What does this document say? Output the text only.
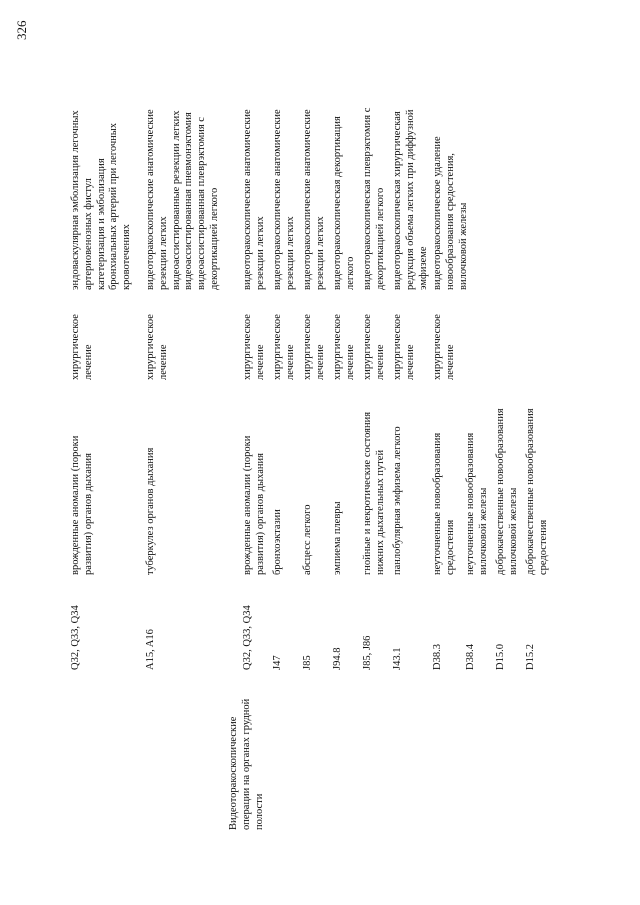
326
Видеоторакоскопические операции на органах грудной полости
Q32, Q33, Q34
врожденные аномалии (пороки развития) органов дыхания
хирургическое лечение
эндоваскулярная эмболизация легочных артериовенозных фистул катетеризация и эмболизация бронхиальных артерий при легочных кровотечениях
A15, A16
туберкулез органов дыхания
хирургическое лечение
видеоторакоскопические анатомические резекции легких видеоассистированные резекции легких видеоассистированная пневмонэктомия видеоассистированная плеврэктомия с декортикацией легкого
Q32, Q33, Q34
врожденные аномалии (пороки развития) органов дыхания
хирургическое лечение
видеоторакоскопические анатомические резекции легких
J47
бронхоэктазии
хирургическое лечение
видеоторакоскопические анатомические резекции легких
J85
абсцесс легкого
хирургическое лечение
видеоторакоскопические анатомические резекции легких
J94.8
эмпиема плевры
хирургическое лечение
видеоторакоскопическая декортикация легкого
J85, J86
гнойные и некротические состояния нижних дыхательных путей
хирургическое лечение
видеоторакоскопическая плеврэктомия с декортикацией легкого
J43.1
панлобулярная эмфизема легкого
хирургическое лечение
видеоторакоскопическая хирургическая редукция объема легких при диффузной эмфиземе
D38.3
неуточненные новообразования средостения
хирургическое лечение
видеоторакоскопическое удаление новообразования средостения, вилочковой железы
D38.4
неуточненные новообразования вилочковой железы
D15.0
доброкачественные новообразования вилочковой железы
D15.2
доброкачественные новообразования средостения
